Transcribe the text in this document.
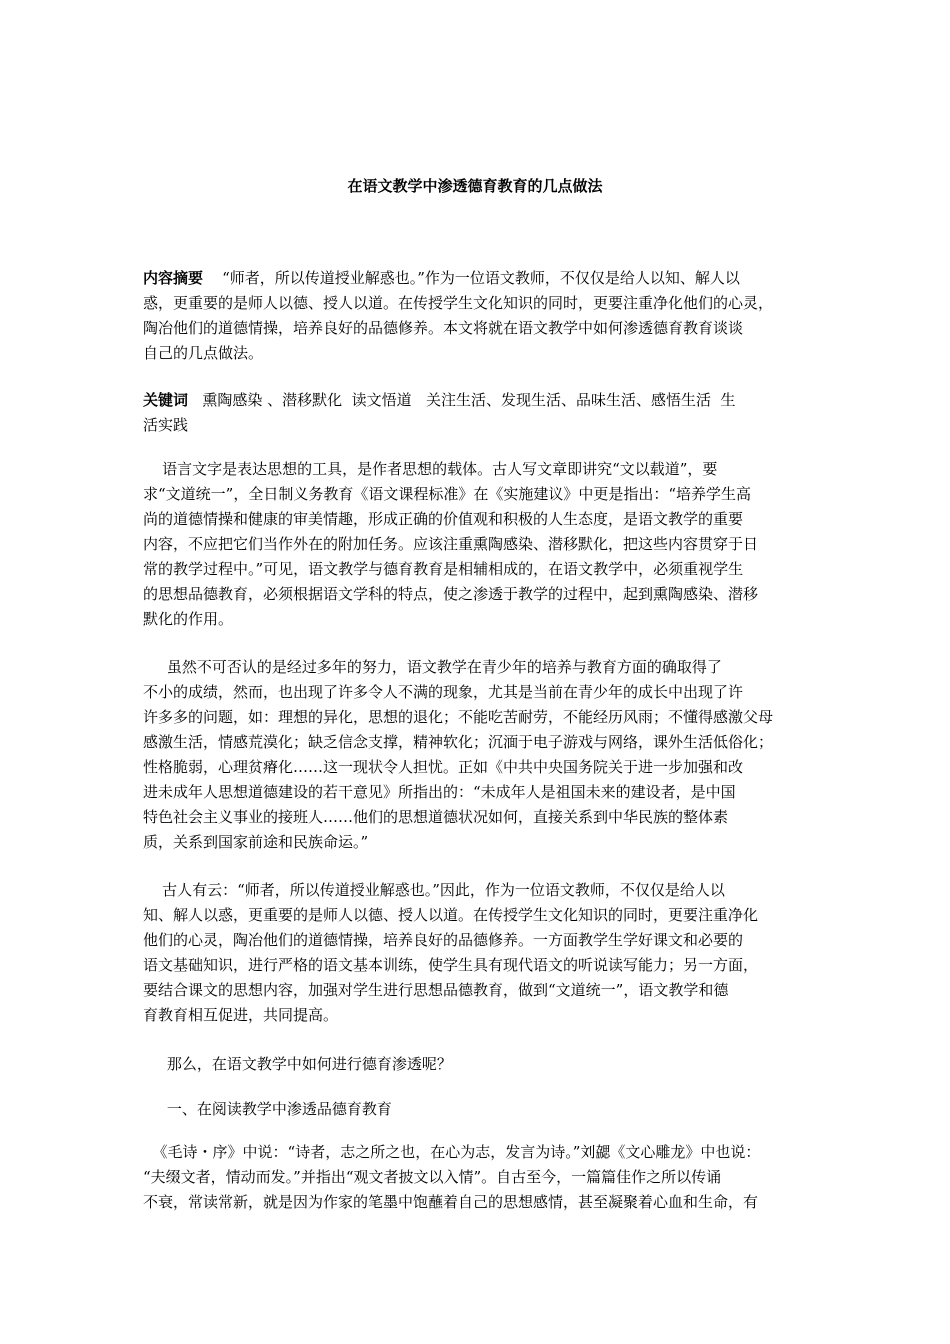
在语文教学中渗透德育教育的几点做法
内容摘要 “师者，所以传道授业解惑也。”作为一位语文教师，不仅仅是给人以知、解人以
惑，更重要的是师人以德、授人以道。在传授学生文化知识的同时，更要注重净化他们的心灵，
陶冶他们的道德情操，培养良好的品德修养。本文将就在语文教学中如何渗透德育教育谈谈
自己的几点做法。
关键词 熏陶感染 、潜移默化  读文悟道   关注生活、发现生活、品味生活、感悟生活  生
活实践
语言文字是表达思想的工具，是作者思想的载体。古人写文章即讲究“文以载道”，要
求“文道统一”，全日制义务教育《语文课程标准》在《实施建议》中更是指出：“培养学生高
尚的道德情操和健康的审美情趣，形成正确的价值观和积极的人生态度，是语文教学的重要
内容，不应把它们当作外在的附加任务。应该注重熏陶感染、潜移默化，把这些内容贯穿于日
常的教学过程中。”可见，语文教学与德育教育是相辅相成的，在语文教学中，必须重视学生
的思想品德教育，必须根据语文学科的特点，使之渗透于教学的过程中，起到熏陶感染、潜移
默化的作用。
虽然不可否认的是经过多年的努力，语文教学在青少年的培养与教育方面的确取得了
不小的成绩，然而，也出现了许多令人不满的现象，尤其是当前在青少年的成长中出现了许
许多多的问题，如：理想的异化，思想的退化；不能吃苦耐劳，不能经历风雨；不懂得感激父母
感激生活，情感荒漠化；缺乏信念支撑，精神软化；沉湎于电子游戏与网络，课外生活低俗化；
性格脆弱，心理贫瘠化……这一现状令人担忧。正如《中共中央国务院关于进一步加强和改
进未成年人思想道德建设的若干意见》所指出的：“未成年人是祖国未来的建设者，是中国
特色社会主义事业的接班人……他们的思想道德状况如何，直接关系到中华民族的整体素
质，关系到国家前途和民族命运。”
古人有云：“师者，所以传道授业解惑也。”因此，作为一位语文教师，不仅仅是给人以
知、解人以惑，更重要的是师人以德、授人以道。在传授学生文化知识的同时，更要注重净化
他们的心灵，陶冶他们的道德情操，培养良好的品德修养。一方面教学生学好课文和必要的
语文基础知识，进行严格的语文基本训练，使学生具有现代语文的听说读写能力；另一方面，
要结合课文的思想内容，加强对学生进行思想品德教育，做到“文道统一”，语文教学和德
育教育相互促进，共同提高。
那么，在语文教学中如何进行德育渗透呢？
一、在阅读教学中渗透品德育教育
《毛诗・序》中说：“诗者，志之所之也，在心为志，发言为诗。”刘勰《文心雕龙》中也说：
“夫缀文者，情动而发。”并指出“观文者披文以入情”。自古至今，一篇篇佳作之所以传诵
不衰，常读常新，就是因为作家的笔墨中饱蘸着自己的思想感情，甚至凝聚着心血和生命，有
